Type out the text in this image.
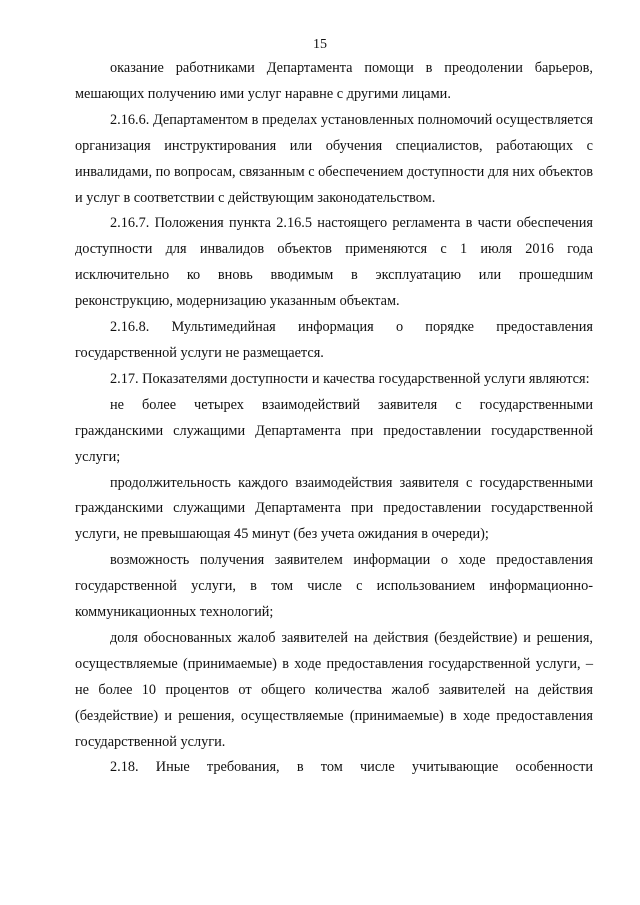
15

оказание работниками Департамента помощи в преодолении барьеров, мешающих получению ими услуг наравне с другими лицами.

2.16.6. Департаментом в пределах установленных полномочий осуществляется организация инструктирования или обучения специалистов, работающих с инвалидами, по вопросам, связанным с обеспечением доступности для них объектов и услуг в соответствии с действующим законодательством.

2.16.7. Положения пункта 2.16.5 настоящего регламента в части обеспечения доступности для инвалидов объектов применяются с 1 июля 2016 года исключительно ко вновь вводимым в эксплуатацию или прошедшим реконструкцию, модернизацию указанным объектам.

2.16.8. Мультимедийная информация о порядке предоставления государственной услуги не размещается.

2.17. Показателями доступности и качества государственной услуги являются:

не более четырех взаимодействий заявителя с государственными гражданскими служащими Департамента при предоставлении государственной услуги;

продолжительность каждого взаимодействия заявителя с государственными гражданскими служащими Департамента при предоставлении государственной услуги, не превышающая 45 минут (без учета ожидания в очереди);

возможность получения заявителем информации о ходе предоставления государственной услуги, в том числе с использованием информационно-коммуникационных технологий;

доля обоснованных жалоб заявителей на действия (бездействие) и решения, осуществляемые (принимаемые) в ходе предоставления государственной услуги, – не более 10 процентов от общего количества жалоб заявителей на действия (бездействие) и решения, осуществляемые (принимаемые) в ходе предоставления государственной услуги.

2.18. Иные требования, в том числе учитывающие особенности
